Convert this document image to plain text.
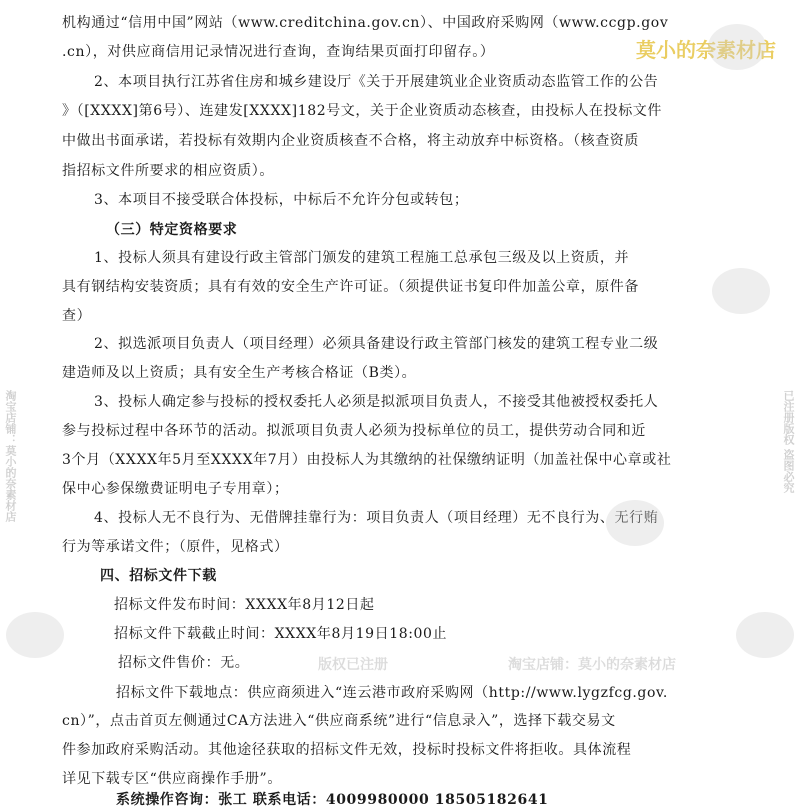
机构通过“信用中国”网站（www.creditchina.gov.cn）、中国政府采购网（www.ccgp.gov
.cn），对供应商信用记录情况进行查询，查询结果页面打印留存。）
2、本项目执行江苏省住房和城乡建设厅《关于开展建筑业企业资质动态监管工作的公告
》（[XXXX]第6号）、连建发[XXXX]182号文，关于企业资质动态核查，由投标人在投标文件
中做出书面承诺，若投标有效期内企业资质核查不合格，将主动放弃中标资格。（核查资质
指招标文件所要求的相应资质）。
3、本项目不接受联合体投标，中标后不允许分包或转包；
（三）特定资格要求
1、投标人须具有建设行政主管部门颁发的建筑工程施工总承包三级及以上资质，并
具有钢结构安装资质；具有有效的安全生产许可证。（须提供证书复印件加盖公章，原件备
查）
2、拟选派项目负责人（项目经理）必须具备建设行政主管部门核发的建筑工程专业二级
建造师及以上资质；具有安全生产考核合格证（B类）。
3、投标人确定参与投标的授权委托人必须是拟派项目负责人，不接受其他被授权委托人
参与投标过程中各环节的活动。拟派项目负责人必须为投标单位的员工，提供劳动合同和近
3个月（XXXX年5月至XXXX年7月）由投标人为其缴纳的社保缴纳证明（加盖社保中心章或社
保中心参保缴费证明电子专用章）；
4、投标人无不良行为、无借牌挂靠行为：项目负责人（项目经理）无不良行为、无行贿
行为等承诺文件；（原件，见格式）
四、招标文件下载
招标文件发布时间：XXXX年8月12日起
招标文件下载截止时间：XXXX年8月19日18:00止
招标文件售价：无。
招标文件下载地点：供应商须进入“连云港市政府采购网（http://www.lygzfcg.gov.
cn）”，点击首页左侧通过CA方法进入“供应商系统”进行“信息录入”，选择下载交易文
件参加政府采购活动。其他途径获取的招标文件无效，投标时投标文件将拒收。具体流程
详见下载专区“供应商操作手册”。
系统操作咨询：张工 联系电话：4009980000 18505182641
莫小的奈素材店
版权已注册	淘宝店铺：莫小的奈素材店
淘宝店铺：莫小的奈素材店	已注册版权 盗图必究
